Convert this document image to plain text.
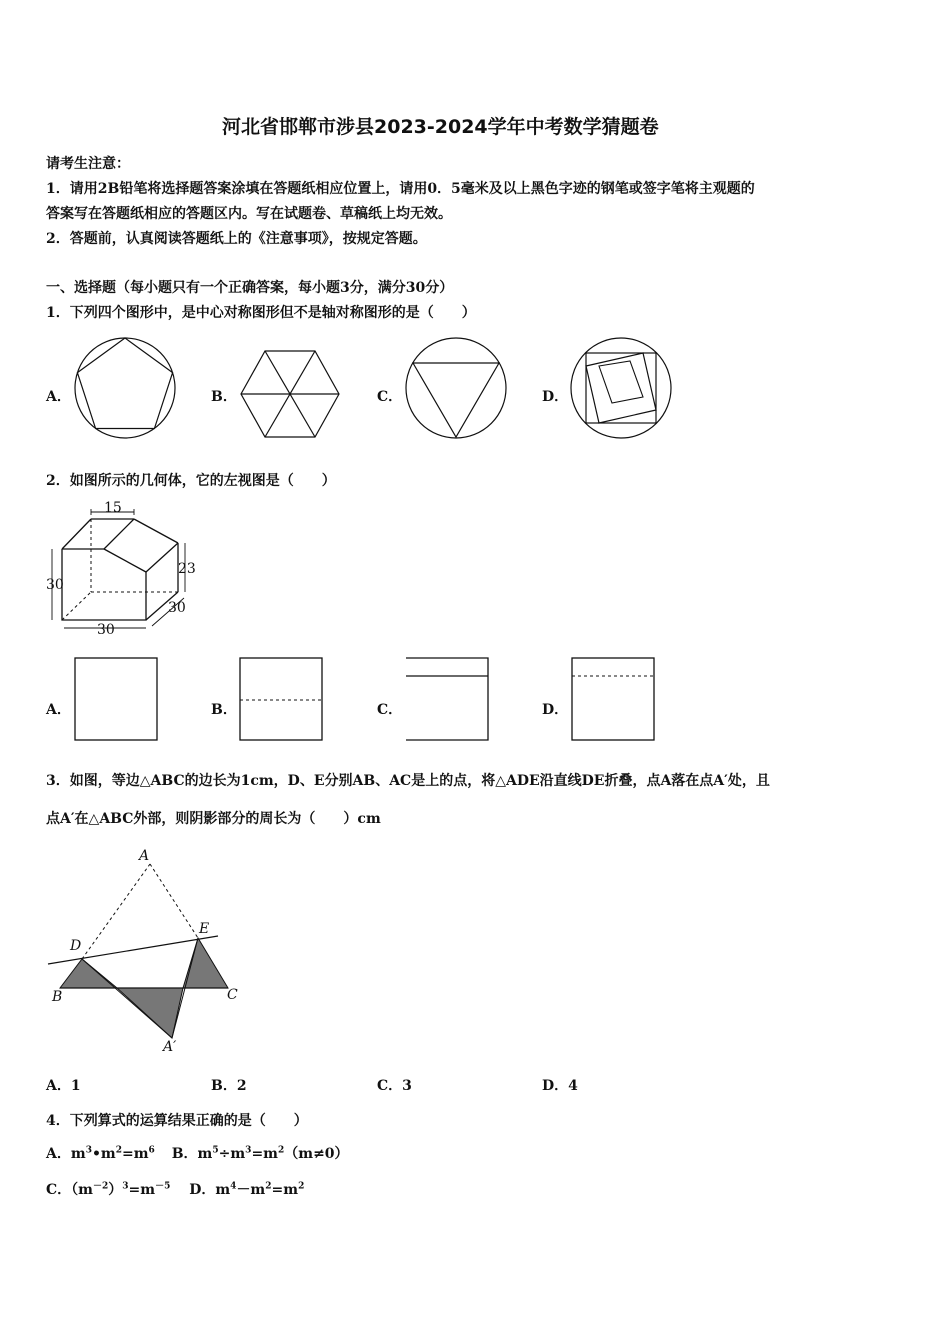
河北省邯郸市涉县2023-2024学年中考数学猜题卷
请考生注意：
1．请用2B铅笔将选择题答案涂填在答题纸相应位置上，请用0．5毫米及以上黑色字迹的钢笔或签字笔将主观题的
答案写在答题纸相应的答题区内。写在试题卷、草稿纸上均无效。
2．答题前，认真阅读答题纸上的《注意事项》，按规定答题。
一、选择题（每小题只有一个正确答案，每小题3分，满分30分）
1．下列四个图形中，是中心对称图形但不是轴对称图形的是（　　）
A．	B．	C．	D．
2．如图所示的几何体，它的左视图是（　　）
15
30
23
30
30
A．	B．	C．	D．
3．如图，等边△ABC的边长为1cm，D、E分别AB、AC是上的点，将△ADE沿直线DE折叠，点A落在点A′处，且
点A′在△ABC外部，则阴影部分的周长为（　　）cm
A
D
E
B	C
A′
A．1	B．2	C．3	D．4
4．下列算式的运算结果正确的是（　　）
A．$m^3•m^2=m^6$ B．$m^5\div m^3=m^2(m\ne 0)$
C．$(m^{-2})^3=m^{-5}$ D．$m^4-m^2=m^2$
